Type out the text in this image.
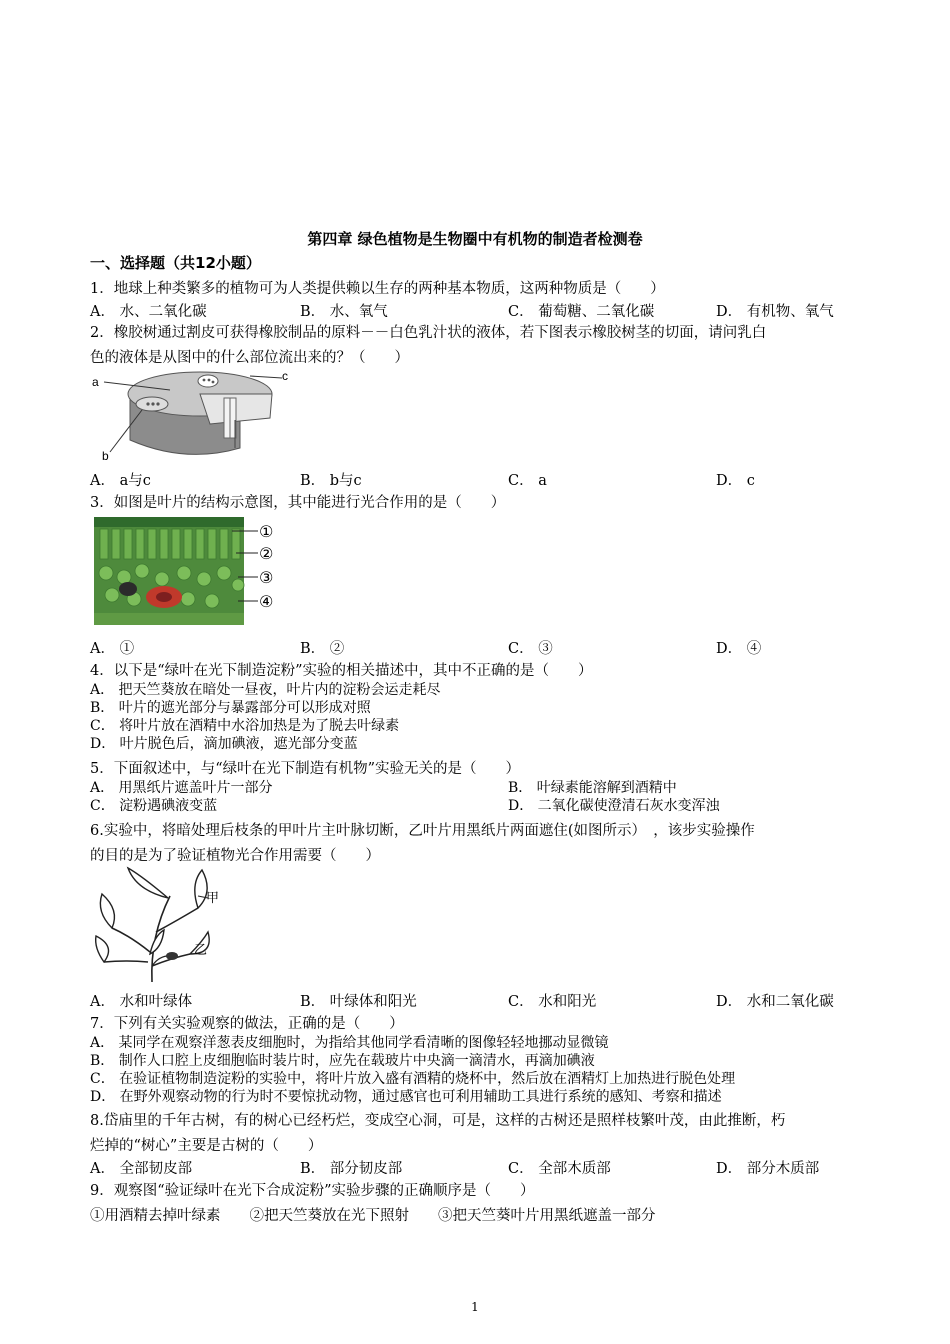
第四章 绿色植物是生物圈中有机物的制造者检测卷
一、选择题（共12小题）
1．地球上种类繁多的植物可为人类提供赖以生存的两种基本物质，这两种物质是（　　）
A． 水、二氧化碳	B． 水、氧气	C． 葡萄糖、二氧化碳	D． 有机物、氧气
2．橡胶树通过割皮可获得橡胶制品的原料－－白色乳汁状的液体，若下图表示橡胶树茎的切面，请问乳白
色的液体是从图中的什么部位流出来的？（　　）
a	c
b
A． a与c	B． b与c	C． a	D． c
3．如图是叶片的结构示意图，其中能进行光合作用的是（　　）
①
②
③
④
A． ①	B． ②	C． ③	D． ④
4．以下是“绿叶在光下制造淀粉”实验的相关描述中，其中不正确的是（　　）
A． 把天竺葵放在暗处一昼夜，叶片内的淀粉会运走耗尽
B． 叶片的遮光部分与暴露部分可以形成对照
C． 将叶片放在酒精中水浴加热是为了脱去叶绿素
D． 叶片脱色后，滴加碘液，遮光部分变蓝
5．下面叙述中，与“绿叶在光下制造有机物”实验无关的是（　　）
A． 用黑纸片遮盖叶片一部分	B． 叶绿素能溶解到酒精中
C． 淀粉遇碘液变蓝	D． 二氧化碳使澄清石灰水变浑浊
6.实验中，将暗处理后枝条的甲叶片主叶脉切断，乙叶片用黑纸片两面遮住(如图所示）　，该步实验操作
的目的是为了验证植物光合作用需要（　　）
甲
乙
A． 水和叶绿体	B． 叶绿体和阳光	C． 水和阳光	D． 水和二氧化碳
7．下列有关实验观察的做法，正确的是（　　）
A． 某同学在观察洋葱表皮细胞时，为指给其他同学看清晰的图像轻轻地挪动显微镜
B． 制作人口腔上皮细胞临时装片时，应先在载玻片中央滴一滴清水，再滴加碘液
C． 在验证植物制造淀粉的实验中，将叶片放入盛有酒精的烧杯中，然后放在酒精灯上加热进行脱色处理
D． 在野外观察动物的行为时不要惊扰动物，通过感官也可利用辅助工具进行系统的感知、考察和描述
8.岱庙里的千年古树，有的树心已经朽烂，变成空心洞，可是，这样的古树还是照样枝繁叶茂，由此推断，朽
烂掉的“树心”主要是古树的（　　）
A． 全部韧皮部	B． 部分韧皮部	C． 全部木质部	D． 部分木质部
9．观察图“验证绿叶在光下合成淀粉”实验步骤的正确顺序是（　　）
①用酒精去掉叶绿素　　②把天竺葵放在光下照射　　③把天竺葵叶片用黑纸遮盖一部分
1
